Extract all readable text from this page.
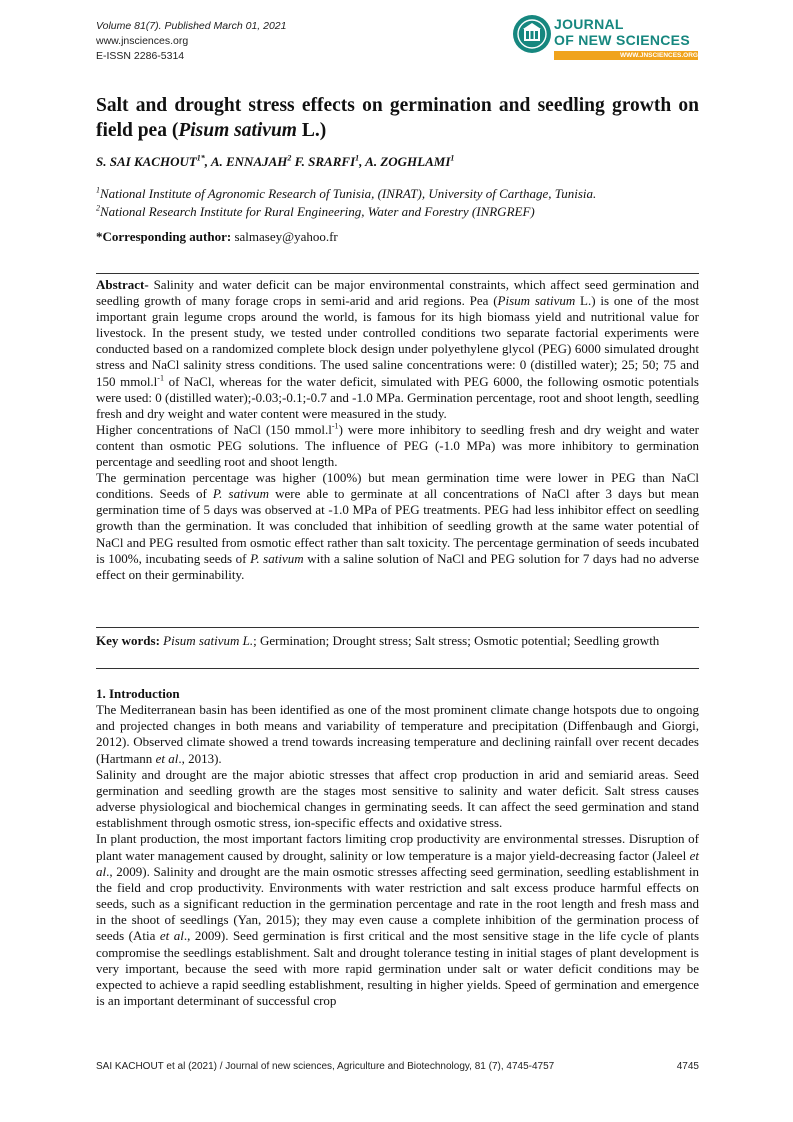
Volume 81(7). Published March 01, 2021
www.jnsciences.org
E-ISSN 2286-5314
JOURNAL
OF NEW SCIENCES
WWW.JNSCIENCES.ORG
Salt and drought stress effects on germination and seedling growth on field pea (Pisum sativum L.)
S. SAI $KACHOUT^{1*}$, A. ENNAJAH$^2$ F. SRARFI$^1$, A. ZOGHLAMI$^1$
$^1$National Institute of Agronomic Research of Tunisia, (INRAT), University of Carthage, Tunisia.
$^2$National Research Institute for Rural Engineering, Water and Forestry (INRGREF)
*Corresponding author: salmasey@yahoo.fr

Abstract- Salinity and water deficit can be major environmental constraints, which affect seed germination and seedling growth of many forage crops in semi-arid and arid regions. Pea (Pisum sativum L.) is one of the most important grain legume crops around the world, is famous for its high biomass yield and nutritional value for livestock. In the present study, we tested under controlled conditions two separate factorial experiments were conducted based on a randomized complete block design under polyethylene glycol (PEG) 6000 simulated drought stress and NaCl salinity stress conditions. The used saline concentrations were: 0 (distilled water); 25; 50; 75 and 150 $mmol.l^{-1}$ of NaCl, whereas for the water deficit, simulated with PEG 6000, the following osmotic potentials were used: 0 (distilled water);-0.03;-0.1;-0.7 and -1.0 MPa. Germination percentage, root and shoot length, seedling fresh and dry weight and water content were measured in the study.

Higher concentrations of NaCl (150 $mmol.l^{-1}$) were more inhibitory to seedling fresh and dry weight and water content than osmotic PEG solutions. The influence of PEG (-1.0 MPa) was more inhibitory to germination percentage and seedling root and shoot length.

The germination percentage was higher (100%) but mean germination time were lower in PEG than NaCl conditions. Seeds of P. sativum were able to germinate at all concentrations of NaCl after 3 days but mean germination time of 5 days was observed at -1.0 MPa of PEG treatments. PEG had less inhibitor effect on seedling growth than the germination. It was concluded that inhibition of seedling growth at the same water potential of NaCl and PEG resulted from osmotic effect rather than salt toxicity. The percentage germination of seeds incubated is 100%, incubating seeds of P. sativum with a saline solution of NaCl and PEG solution for 7 days had no adverse effect on their germinability.

Key words: Pisum sativum L.; Germination; Drought stress; Salt stress; Osmotic potential; Seedling growth
1. Introduction

The Mediterranean basin has been identified as one of the most prominent climate change hotspots due to ongoing and projected changes in both means and variability of temperature and precipitation (Diffenbaugh and Giorgi, 2012). Observed climate showed a trend towards increasing temperature and declining rainfall over recent decades (Hartmann et al., 2013).

Salinity and drought are the major abiotic stresses that affect crop production in arid and semiarid areas. Seed germination and seedling growth are the stages most sensitive to salinity and water deficit. Salt stress causes adverse physiological and biochemical changes in germinating seeds. It can affect the seed germination and stand establishment through osmotic stress, ion-specific effects and oxidative stress.

In plant production, the most important factors limiting crop productivity are environmental stresses. Disruption of plant water management caused by drought, salinity or low temperature is a major yield-decreasing factor (Jaleel et al., 2009). Salinity and drought are the main osmotic stresses affecting seed germination, seedling establishment in the field and crop productivity. Environments with water restriction and salt excess produce harmful effects on seeds, such as a significant reduction in the germination percentage and rate in the root length and fresh mass and in the shoot of seedlings (Yan, 2015); they may even cause a complete inhibition of the germination process of seeds (Atia et al., 2009). Seed germination is first critical and the most sensitive stage in the life cycle of plants compromise the seedlings establishment. Salt and drought tolerance testing in initial stages of plant development is very important, because the seed with more rapid germination under salt or water deficit conditions may be expected to achieve a rapid seedling establishment, resulting in higher yields. Speed of germination and emergence is an important determinant of successful crop

SAI KACHOUT et al (2021) / Journal of new sciences, Agriculture and Biotechnology, 81 (7), 4745-4757	4745
